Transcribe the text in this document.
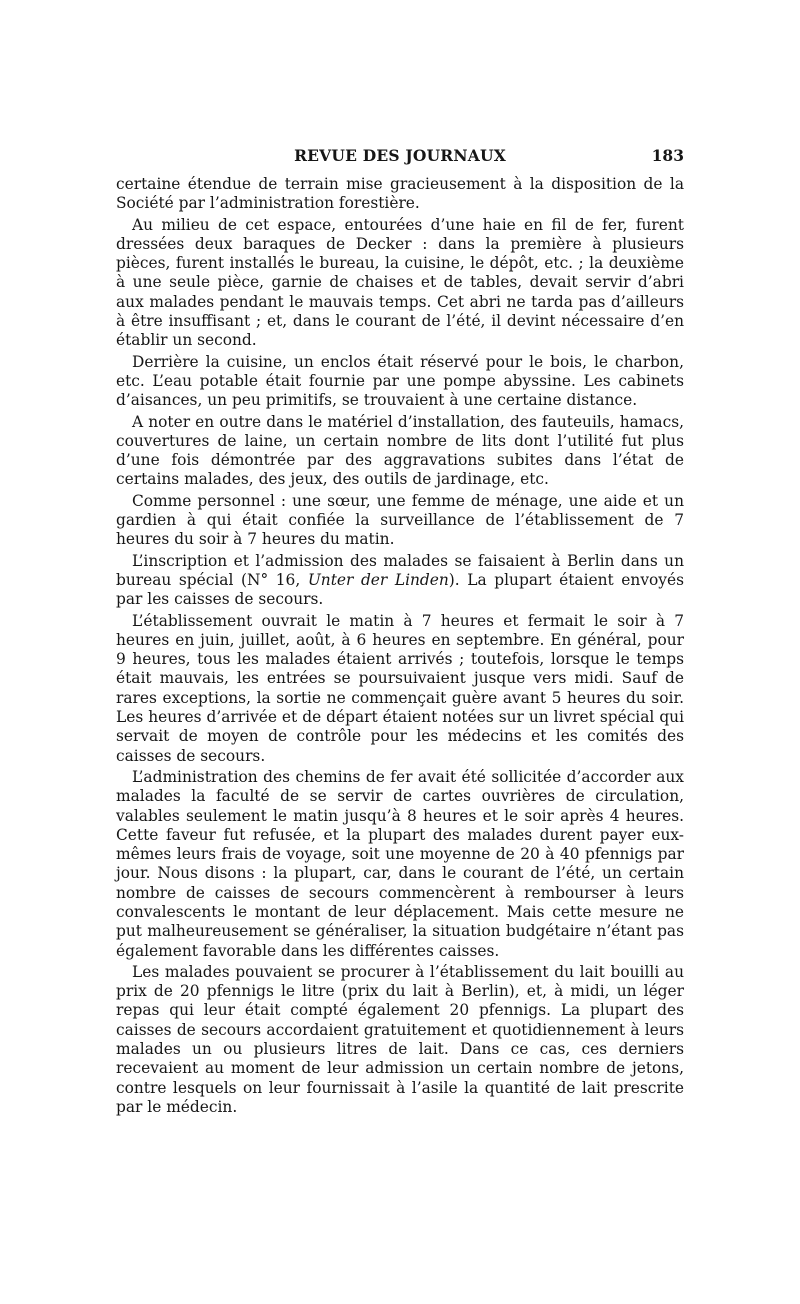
REVUE DES JOURNAUX	183

certaine étendue de terrain mise gracieusement à la disposition de la Société par l’administration forestière.

Au milieu de cet espace, entourées d’une haie en fil de fer, furent dressées deux baraques de Decker : dans la première à plusieurs pièces, furent installés le bureau, la cuisine, le dépôt, etc. ; la deuxième à une seule pièce, garnie de chaises et de tables, devait servir d’abri aux malades pendant le mauvais temps. Cet abri ne tarda pas d’ailleurs à être insuffisant ; et, dans le courant de l’été, il devint nécessaire d’en établir un second.

Derrière la cuisine, un enclos était réservé pour le bois, le charbon, etc. L’eau potable était fournie par une pompe abyssine. Les cabinets d’aisances, un peu primitifs, se trouvaient à une certaine distance.

A noter en outre dans le matériel d’installation, des fauteuils, hamacs, couvertures de laine, un certain nombre de lits dont l’utilité fut plus d’une fois démontrée par des aggravations subites dans l’état de certains malades, des jeux, des outils de jardinage, etc.

Comme personnel : une sœur, une femme de ménage, une aide et un gardien à qui était confiée la surveillance de l’établissement de 7 heures du soir à 7 heures du matin.

L’inscription et l’admission des malades se faisaient à Berlin dans un bureau spécial (N° 16, Unter der Linden). La plupart étaient envoyés par les caisses de secours.

L’établissement ouvrait le matin à 7 heures et fermait le soir à 7 heures en juin, juillet, août, à 6 heures en septembre. En général, pour 9 heures, tous les malades étaient arrivés ; toutefois, lorsque le temps était mauvais, les entrées se poursuivaient jusque vers midi. Sauf de rares exceptions, la sortie ne commençait guère avant 5 heures du soir. Les heures d’arrivée et de départ étaient notées sur un livret spécial qui servait de moyen de contrôle pour les médecins et les comités des caisses de secours.

L’administration des chemins de fer avait été sollicitée d’accorder aux malades la faculté de se servir de cartes ouvrières de circulation, valables seulement le matin jusqu’à 8 heures et le soir après 4 heures. Cette faveur fut refusée, et la plupart des malades durent payer eux-mêmes leurs frais de voyage, soit une moyenne de 20 à 40 pfennigs par jour. Nous disons : la plupart, car, dans le courant de l’été, un certain nombre de caisses de secours commencèrent à rembourser à leurs convalescents le montant de leur déplacement. Mais cette mesure ne put malheureusement se généraliser, la situation budgétaire n’étant pas également favorable dans les différentes caisses.

Les malades pouvaient se procurer à l’établissement du lait bouilli au prix de 20 pfennigs le litre (prix du lait à Berlin), et, à midi, un léger repas qui leur était compté également 20 pfennigs. La plupart des caisses de secours accordaient gratuitement et quotidiennement à leurs malades un ou plusieurs litres de lait. Dans ce cas, ces derniers recevaient au moment de leur admission un certain nombre de jetons, contre lesquels on leur fournissait à l’asile la quantité de lait prescrite par le médecin.
